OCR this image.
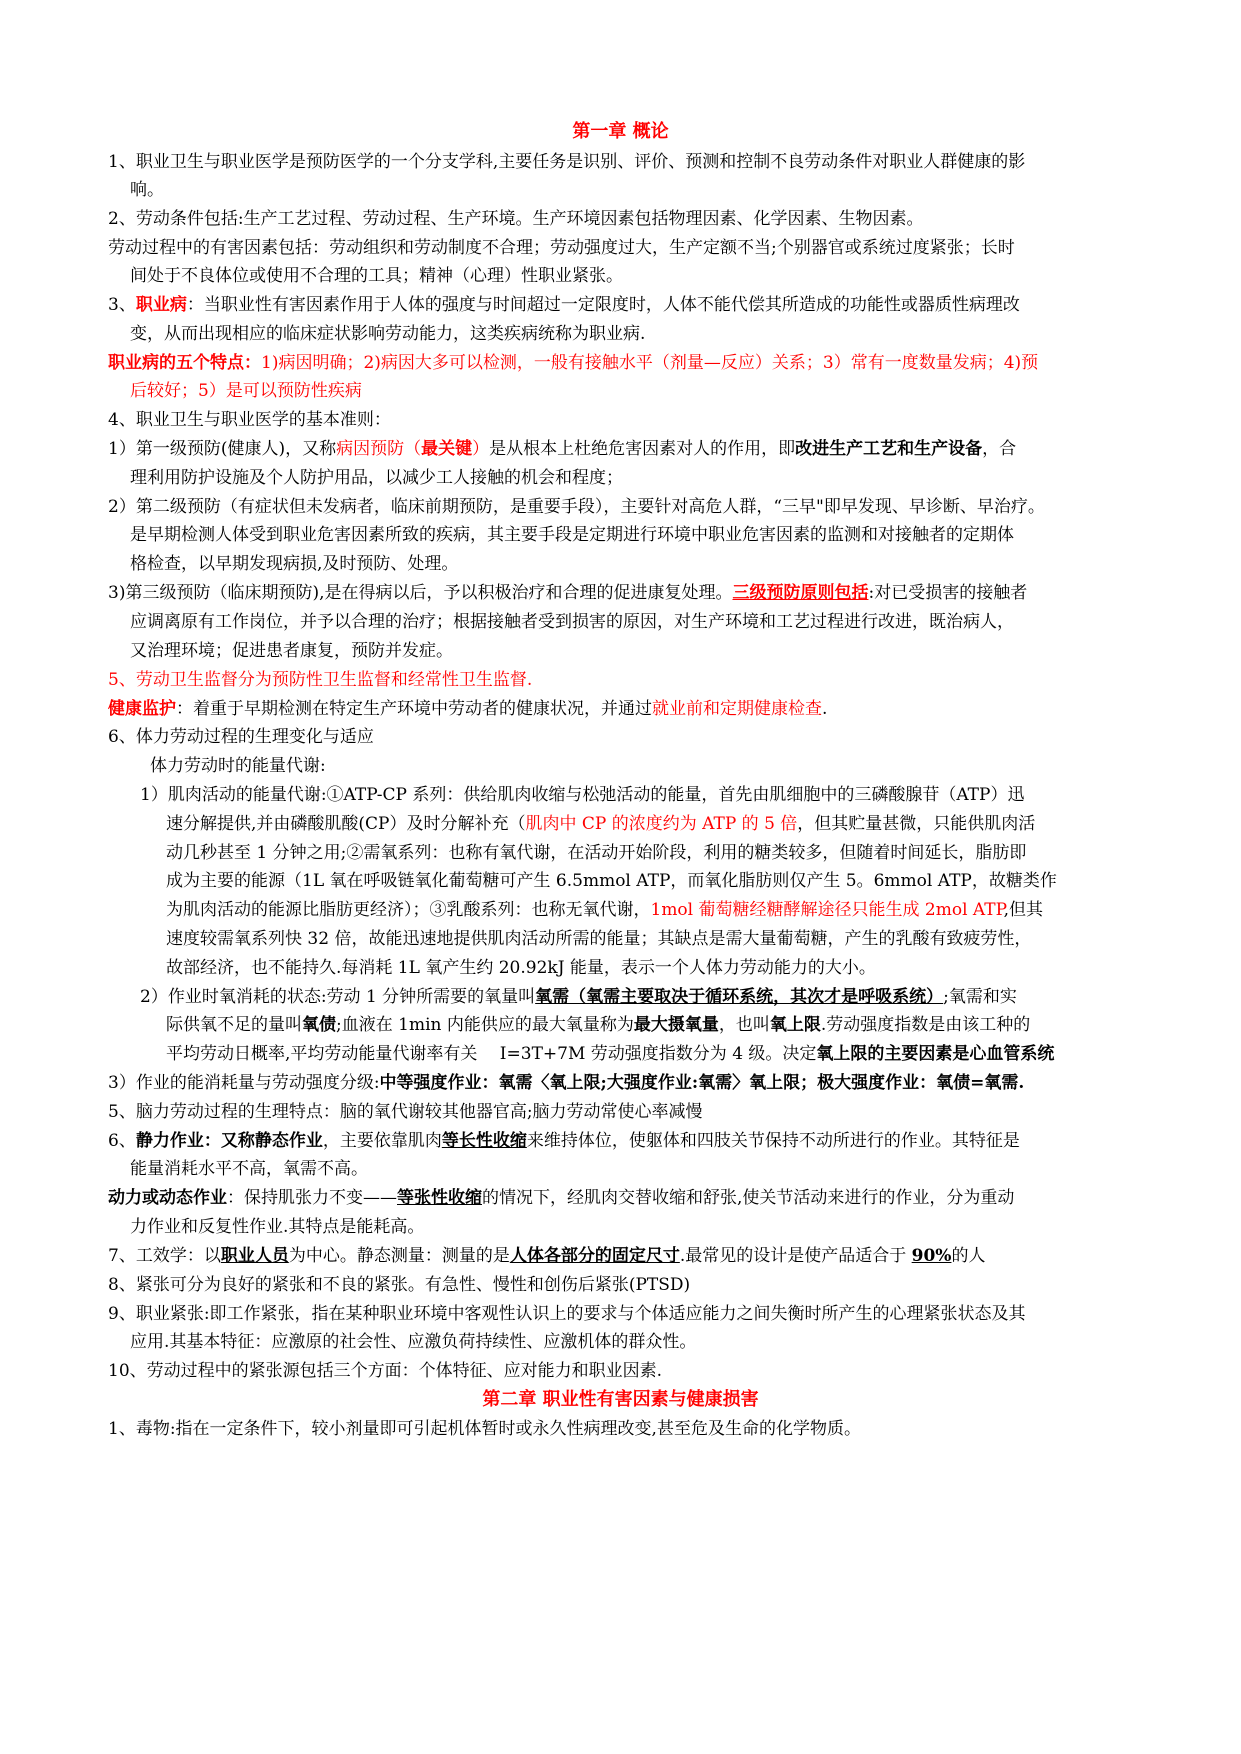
第一章 概论
1、职业卫生与职业医学是预防医学的一个分支学科,主要任务是识别、评价、预测和控制不良劳动条件对职业人群健康的影
响。
2、劳动条件包括:生产工艺过程、劳动过程、生产环境。生产环境因素包括物理因素、化学因素、生物因素。
劳动过程中的有害因素包括：劳动组织和劳动制度不合理；劳动强度过大，生产定额不当;个别器官或系统过度紧张；长时
间处于不良体位或使用不合理的工具；精神（心理）性职业紧张。
3、职业病：当职业性有害因素作用于人体的强度与时间超过一定限度时，人体不能代偿其所造成的功能性或器质性病理改
变，从而出现相应的临床症状影响劳动能力，这类疾病统称为职业病.
职业病的五个特点：1)病因明确；2)病因大多可以检测，一般有接触水平（剂量—反应）关系；3）常有一度数量发病；4)预
后较好；5）是可以预防性疾病
4、职业卫生与职业医学的基本准则：
1）第一级预防(健康人)，又称病因预防（最关键）是从根本上杜绝危害因素对人的作用，即改进生产工艺和生产设备，合
理利用防护设施及个人防护用品，以减少工人接触的机会和程度；
2）第二级预防（有症状但未发病者，临床前期预防，是重要手段），主要针对高危人群，“三早"即早发现、早诊断、早治疗。
是早期检测人体受到职业危害因素所致的疾病，其主要手段是定期进行环境中职业危害因素的监测和对接触者的定期体
格检查，以早期发现病损,及时预防、处理。
3)第三级预防（临床期预防),是在得病以后，予以积极治疗和合理的促进康复处理。三级预防原则包括:对已受损害的接触者
应调离原有工作岗位，并予以合理的治疗；根据接触者受到损害的原因，对生产环境和工艺过程进行改进，既治病人，
又治理环境；促进患者康复，预防并发症。
5、劳动卫生监督分为预防性卫生监督和经常性卫生监督.
健康监护：着重于早期检测在特定生产环境中劳动者的健康状况，并通过就业前和定期健康检查.
6、体力劳动过程的生理变化与适应
体力劳动时的能量代谢:
1）肌肉活动的能量代谢:①ATP-CP 系列：供给肌肉收缩与松弛活动的能量，首先由肌细胞中的三磷酸腺苷（ATP）迅
速分解提供,并由磷酸肌酸(CP）及时分解补充（肌肉中 CP 的浓度约为 ATP 的 5 倍，但其贮量甚微，只能供肌肉活
动几秒甚至 1 分钟之用;②需氧系列：也称有氧代谢，在活动开始阶段，利用的糖类较多，但随着时间延长，脂肪即
成为主要的能源（1L 氧在呼吸链氧化葡萄糖可产生 6.5mmol ATP，而氧化脂肪则仅产生 5。6mmol ATP，故糖类作
为肌肉活动的能源比脂肪更经济）；③乳酸系列：也称无氧代谢，1mol 葡萄糖经糖酵解途径只能生成 2mol ATP,但其
速度较需氧系列快 32 倍，故能迅速地提供肌肉活动所需的能量；其缺点是需大量葡萄糖，产生的乳酸有致疲劳性，
故部经济，也不能持久.每消耗 1L 氧产生约 20.92kJ 能量，表示一个人体力劳动能力的大小。
2）作业时氧消耗的状态:劳动 1 分钟所需要的氧量叫氧需（氧需主要取决于循环系统，其次才是呼吸系统）;氧需和实
际供氧不足的量叫氧债;血液在 1min 内能供应的最大氧量称为最大摄氧量，也叫氧上限.劳动强度指数是由该工种的
平均劳动日概率,平均劳动能量代谢率有关　 I=3T+7M 劳动强度指数分为 4 级。决定氧上限的主要因素是心血管系统
3）作业的能消耗量与劳动强度分级:中等强度作业：氧需〈氧上限;大强度作业:氧需〉氧上限；极大强度作业：氧债=氧需.
5、脑力劳动过程的生理特点：脑的氧代谢较其他器官高;脑力劳动常使心率减慢
6、静力作业：又称静态作业，主要依靠肌肉等长性收缩来维持体位，使躯体和四肢关节保持不动所进行的作业。其特征是
能量消耗水平不高，氧需不高。
动力或动态作业：保持肌张力不变——等张性收缩的情况下，经肌肉交替收缩和舒张,使关节活动来进行的作业，分为重动
力作业和反复性作业.其特点是能耗高。
7、工效学：以职业人员为中心。静态测量：测量的是人体各部分的固定尺寸.最常见的设计是使产品适合于 90%的人
8、紧张可分为良好的紧张和不良的紧张。有急性、慢性和创伤后紧张(PTSD)
9、职业紧张:即工作紧张，指在某种职业环境中客观性认识上的要求与个体适应能力之间失衡时所产生的心理紧张状态及其
应用.其基本特征：应激原的社会性、应激负荷持续性、应激机体的群众性。
10、劳动过程中的紧张源包括三个方面：个体特征、应对能力和职业因素.
第二章 职业性有害因素与健康损害
1、毒物:指在一定条件下，较小剂量即可引起机体暂时或永久性病理改变,甚至危及生命的化学物质。
